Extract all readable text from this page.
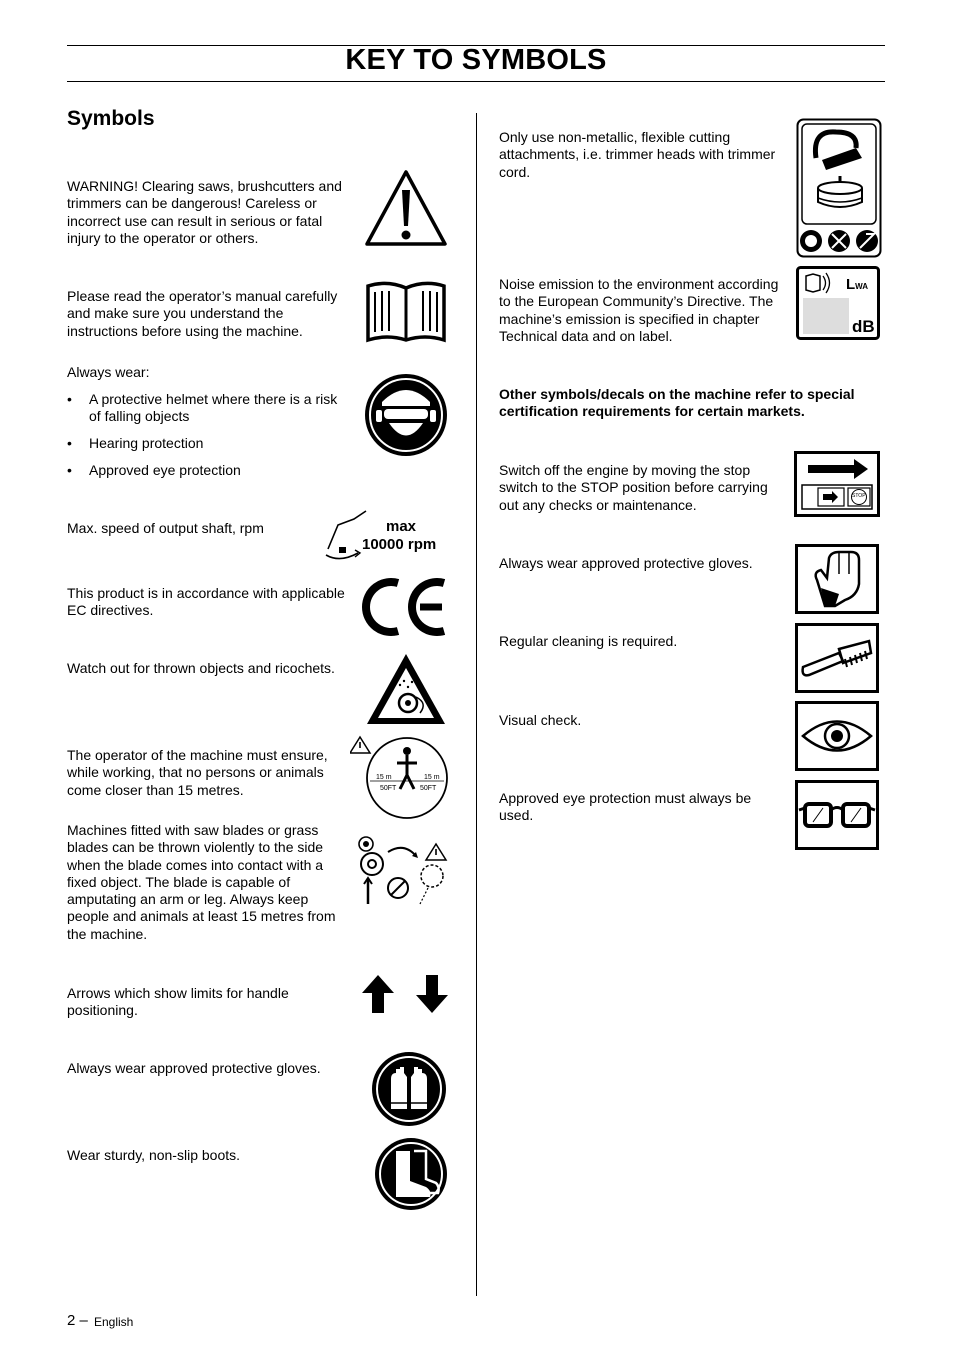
KEY TO SYMBOLS
Symbols
WARNING! Clearing saws, brushcutters and trimmers can be dangerous! Careless or incorrect use can result in serious or fatal injury to the operator or others.
Please read the operator’s manual carefully and make sure you understand the instructions before using the machine.
Always wear:
• A protective helmet where there is a risk of falling objects
• Hearing protection
• Approved eye protection
Max. speed of output shaft, rpm	max
10000 rpm
This product is in accordance with applicable EC directives.
Watch out for thrown objects and ricochets.
The operator of the machine must ensure, while working, that no persons or animals come closer than 15 metres.
15 m	15 m
50FT	50FT
Machines fitted with saw blades or grass blades can be thrown violently to the side when the blade comes into contact with a fixed object. The blade is capable of amputating an arm or leg. Always keep people and animals at least 15 metres from the machine.
Arrows which show limits for handle positioning.
Always wear approved protective gloves.
Wear sturdy, non-slip boots.
Only use non-metallic, flexible cutting attachments, i.e. trimmer heads with trimmer cord.
Noise emission to the environment according to the European Community’s Directive. The machine’s emission is specified in chapter Technical data and on label.
LWA
dB
Other symbols/decals on the machine refer to special certification requirements for certain markets.
Switch off the engine by moving the stop switch to the STOP position before carrying out any checks or maintenance.
STOP
Always wear approved protective gloves.
Regular cleaning is required.
Visual check.
Approved eye protection must always be used.
2 – English
